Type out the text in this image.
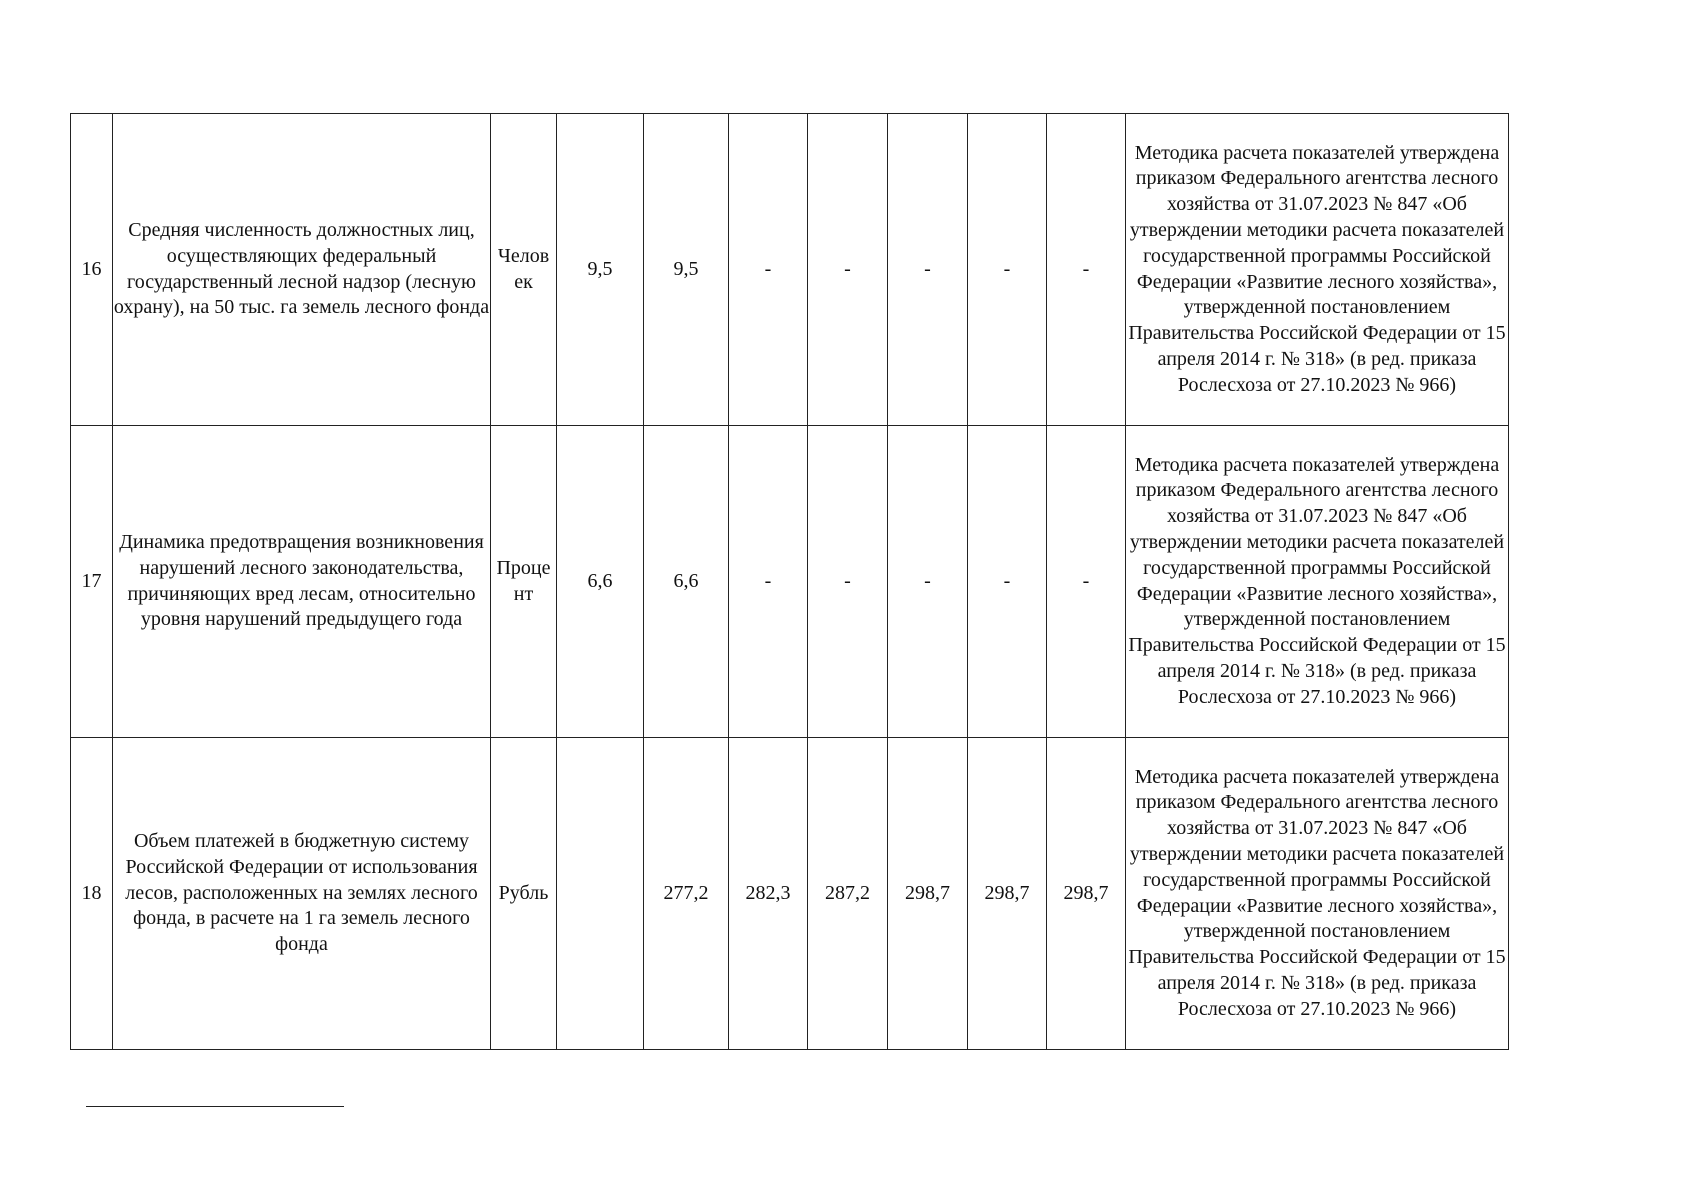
16	Средняя численность должностных лиц, осуществляющих федеральный государственный лесной надзор (лесную охрану), на 50 тыс. га земель лесного фонда	Челов ек	9,5	9,5	-	-	-	-	-	Методика расчета показателей утверждена приказом Федерального агентства лесного хозяйства от 31.07.2023 № 847 «Об утверждении методики расчета показателей государственной программы Российской Федерации «Развитие лесного хозяйства», утвержденной постановлением Правительства Российской Федерации от 15 апреля 2014 г. № 318» (в ред. приказа Рослесхоза от 27.10.2023 № 966)
17	Динамика предотвращения возникновения нарушений лесного законодательства, причиняющих вред лесам, относительно уровня нарушений предыдущего года	Проце нт	6,6	6,6	-	-	-	-	-	Методика расчета показателей утверждена приказом Федерального агентства лесного хозяйства от 31.07.2023 № 847 «Об утверждении методики расчета показателей государственной программы Российской Федерации «Развитие лесного хозяйства», утвержденной постановлением Правительства Российской Федерации от 15 апреля 2014 г. № 318» (в ред. приказа Рослесхоза от 27.10.2023 № 966)
18	Объем платежей в бюджетную систему Российской Федерации от использования лесов, расположенных на землях лесного фонда, в расчете на 1 га земель лесного фонда	Рубль		277,2	282,3	287,2	298,7	298,7	298,7	Методика расчета показателей утверждена приказом Федерального агентства лесного хозяйства от 31.07.2023 № 847 «Об утверждении методики расчета показателей государственной программы Российской Федерации «Развитие лесного хозяйства», утвержденной постановлением Правительства Российской Федерации от 15 апреля 2014 г. № 318» (в ред. приказа Рослесхоза от 27.10.2023 № 966)
